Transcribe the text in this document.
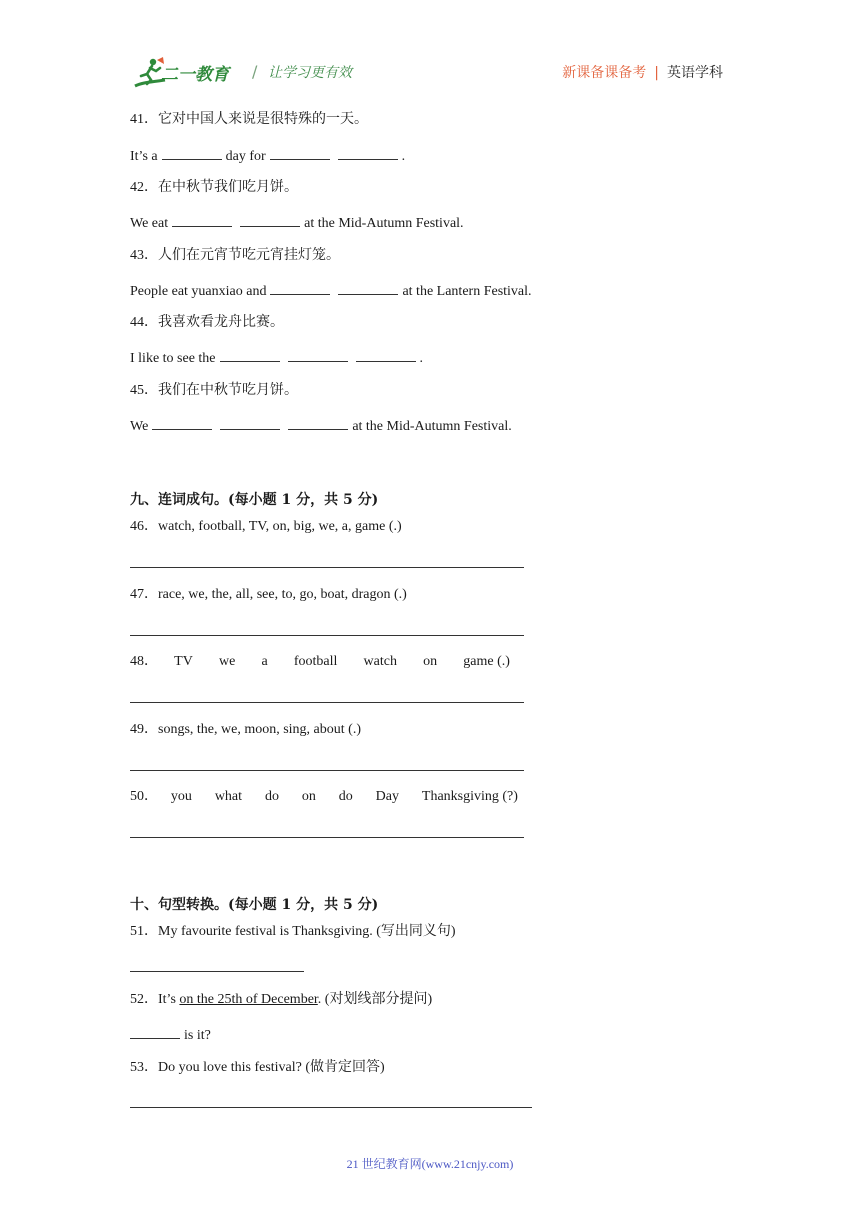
二一教育 / 让学习更有效	新课备课备考 | 英语学科
41．它对中国人来说是很特殊的一天。
It’s a	day for	.
42．在中秋节我们吃月饼。
We eat	at the Mid-Autumn Festival.
43．人们在元宵节吃元宵挂灯笼。
People eat yuanxiao and	at the Lantern Festival.
44．我喜欢看龙舟比赛。
I like to see the	.
45．我们在中秋节吃月饼。
We	at the Mid-Autumn Festival.
九、连词成句。(每小题 1 分，共 5 分)
46．watch, football, TV, on, big, we, a, game (.)
47．race, we, the, all, see, to, go, boat, dragon (.)
48． TV we a football watch on game (.)
49．songs, the, we, moon, sing, about (.)
50． you what do on do Day Thanksgiving (?)
十、句型转换。(每小题 1 分，共 5 分)
51．My favourite festival is Thanksgiving. (写出同义句)
52．It’s on the 25th of December. (对划线部分提问)
is it?
53．Do you love this festival? (做肯定回答)
21 世纪教育网(www.21cnjy.com)
